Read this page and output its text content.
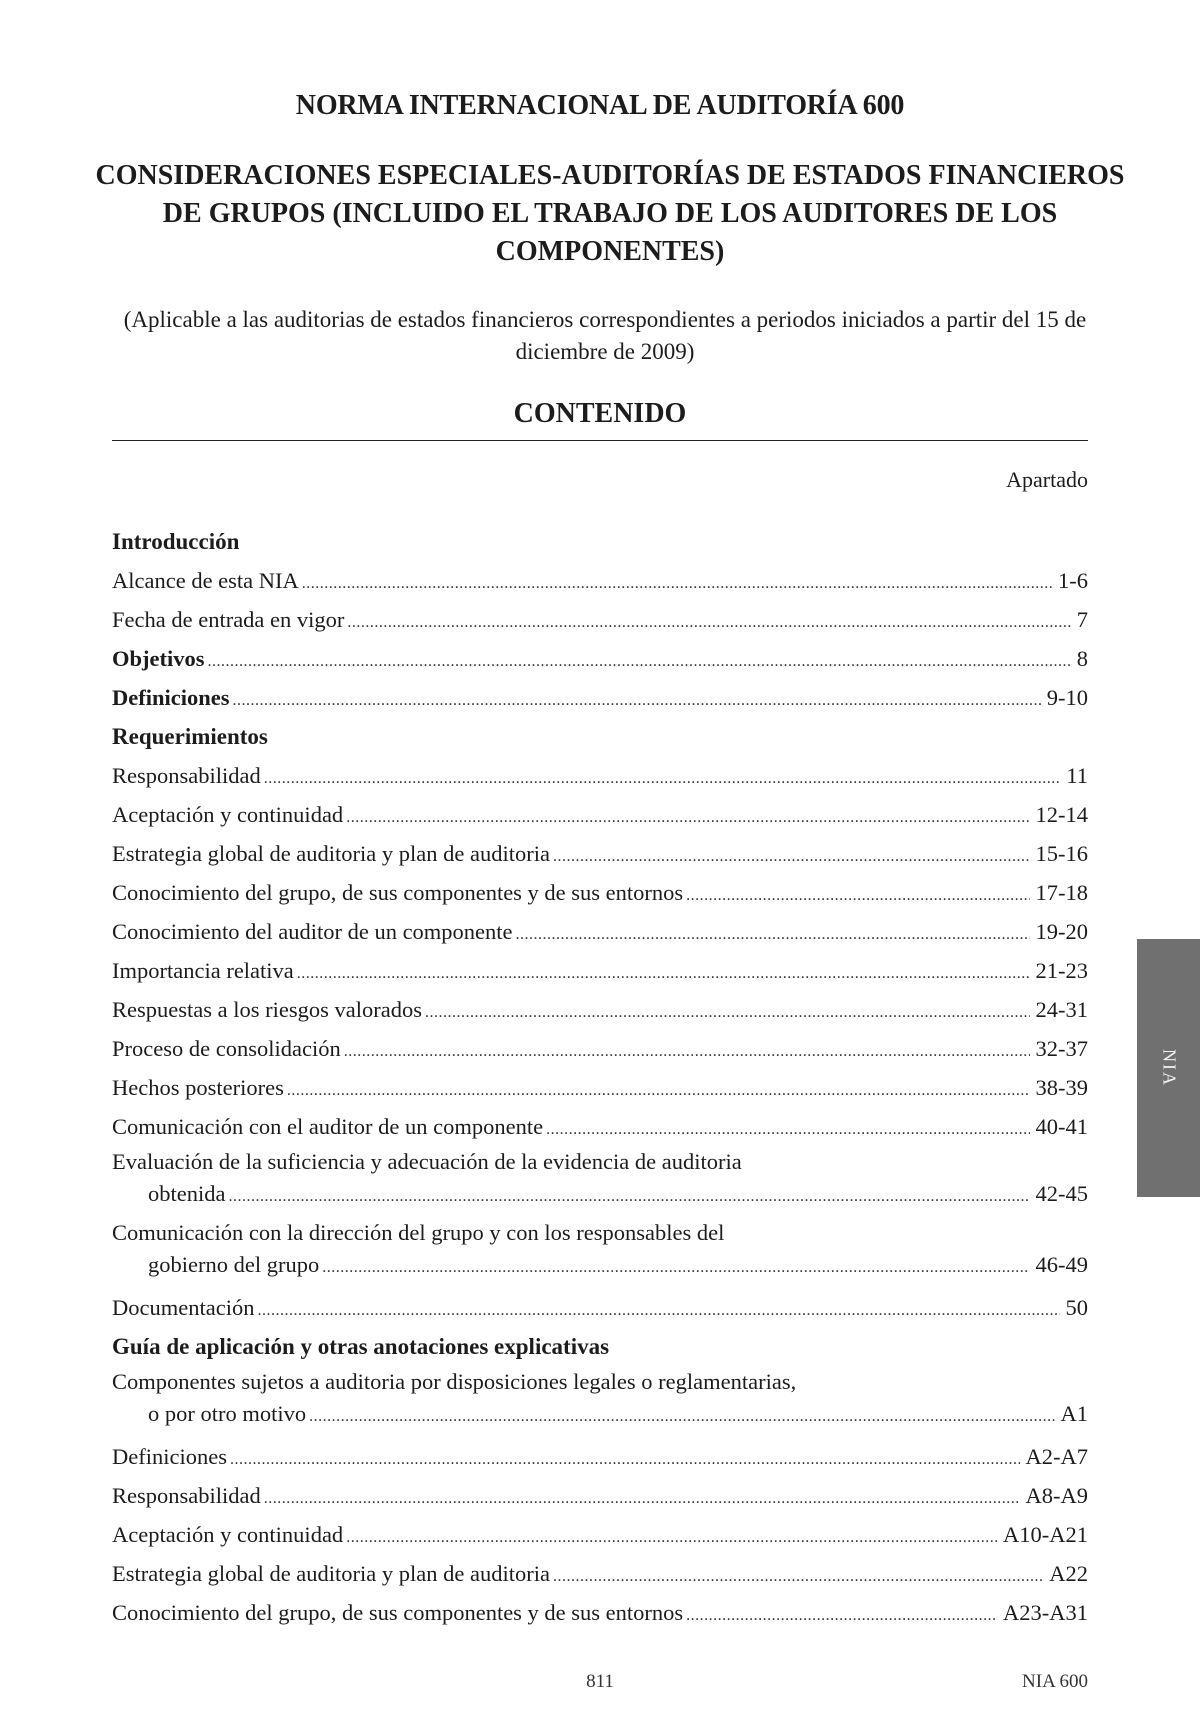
NORMA INTERNACIONAL DE AUDITORÍA 600
CONSIDERACIONES ESPECIALES-AUDITORÍAS DE ESTADOS FINANCIEROS DE GRUPOS (INCLUIDO EL TRABAJO DE LOS AUDITORES DE LOS COMPONENTES)
(Aplicable a las auditorias de estados financieros correspondientes a periodos iniciados a partir del 15 de diciembre de 2009)
CONTENIDO
Apartado
Introducción
Alcance de esta NIA .....	1-6
Fecha de entrada en vigor .....	7
Objetivos .....	8
Definiciones .....	9-10
Requerimientos
Responsabilidad .....	11
Aceptación y continuidad .....	12-14
Estrategia global de auditoria y plan de auditoria .....	15-16
Conocimiento del grupo, de sus componentes y de sus entornos .....	17-18
Conocimiento del auditor de un componente .....	19-20
Importancia relativa .....	21-23
Respuestas a los riesgos valorados .....	24-31
Proceso de consolidación .....	32-37
Hechos posteriores .....	38-39
Comunicación con el auditor de un componente .....	40-41
Evaluación de la suficiencia y adecuación de la evidencia de auditoria
obtenida .....	42-45
Comunicación con la dirección del grupo y con los responsables del
gobierno del grupo .....	46-49
Documentación .....	50
Guía de aplicación y otras anotaciones explicativas
Componentes sujetos a auditoria por disposiciones legales o reglamentarias,
o por otro motivo .....	A1
Definiciones .....	A2-A7
Responsabilidad .....	A8-A9
Aceptación y continuidad .....	A10-A21
Estrategia global de auditoria y plan de auditoria .....	A22
Conocimiento del grupo, de sus componentes y de sus entornos .....	A23-A31
NIA
811	NIA 600
